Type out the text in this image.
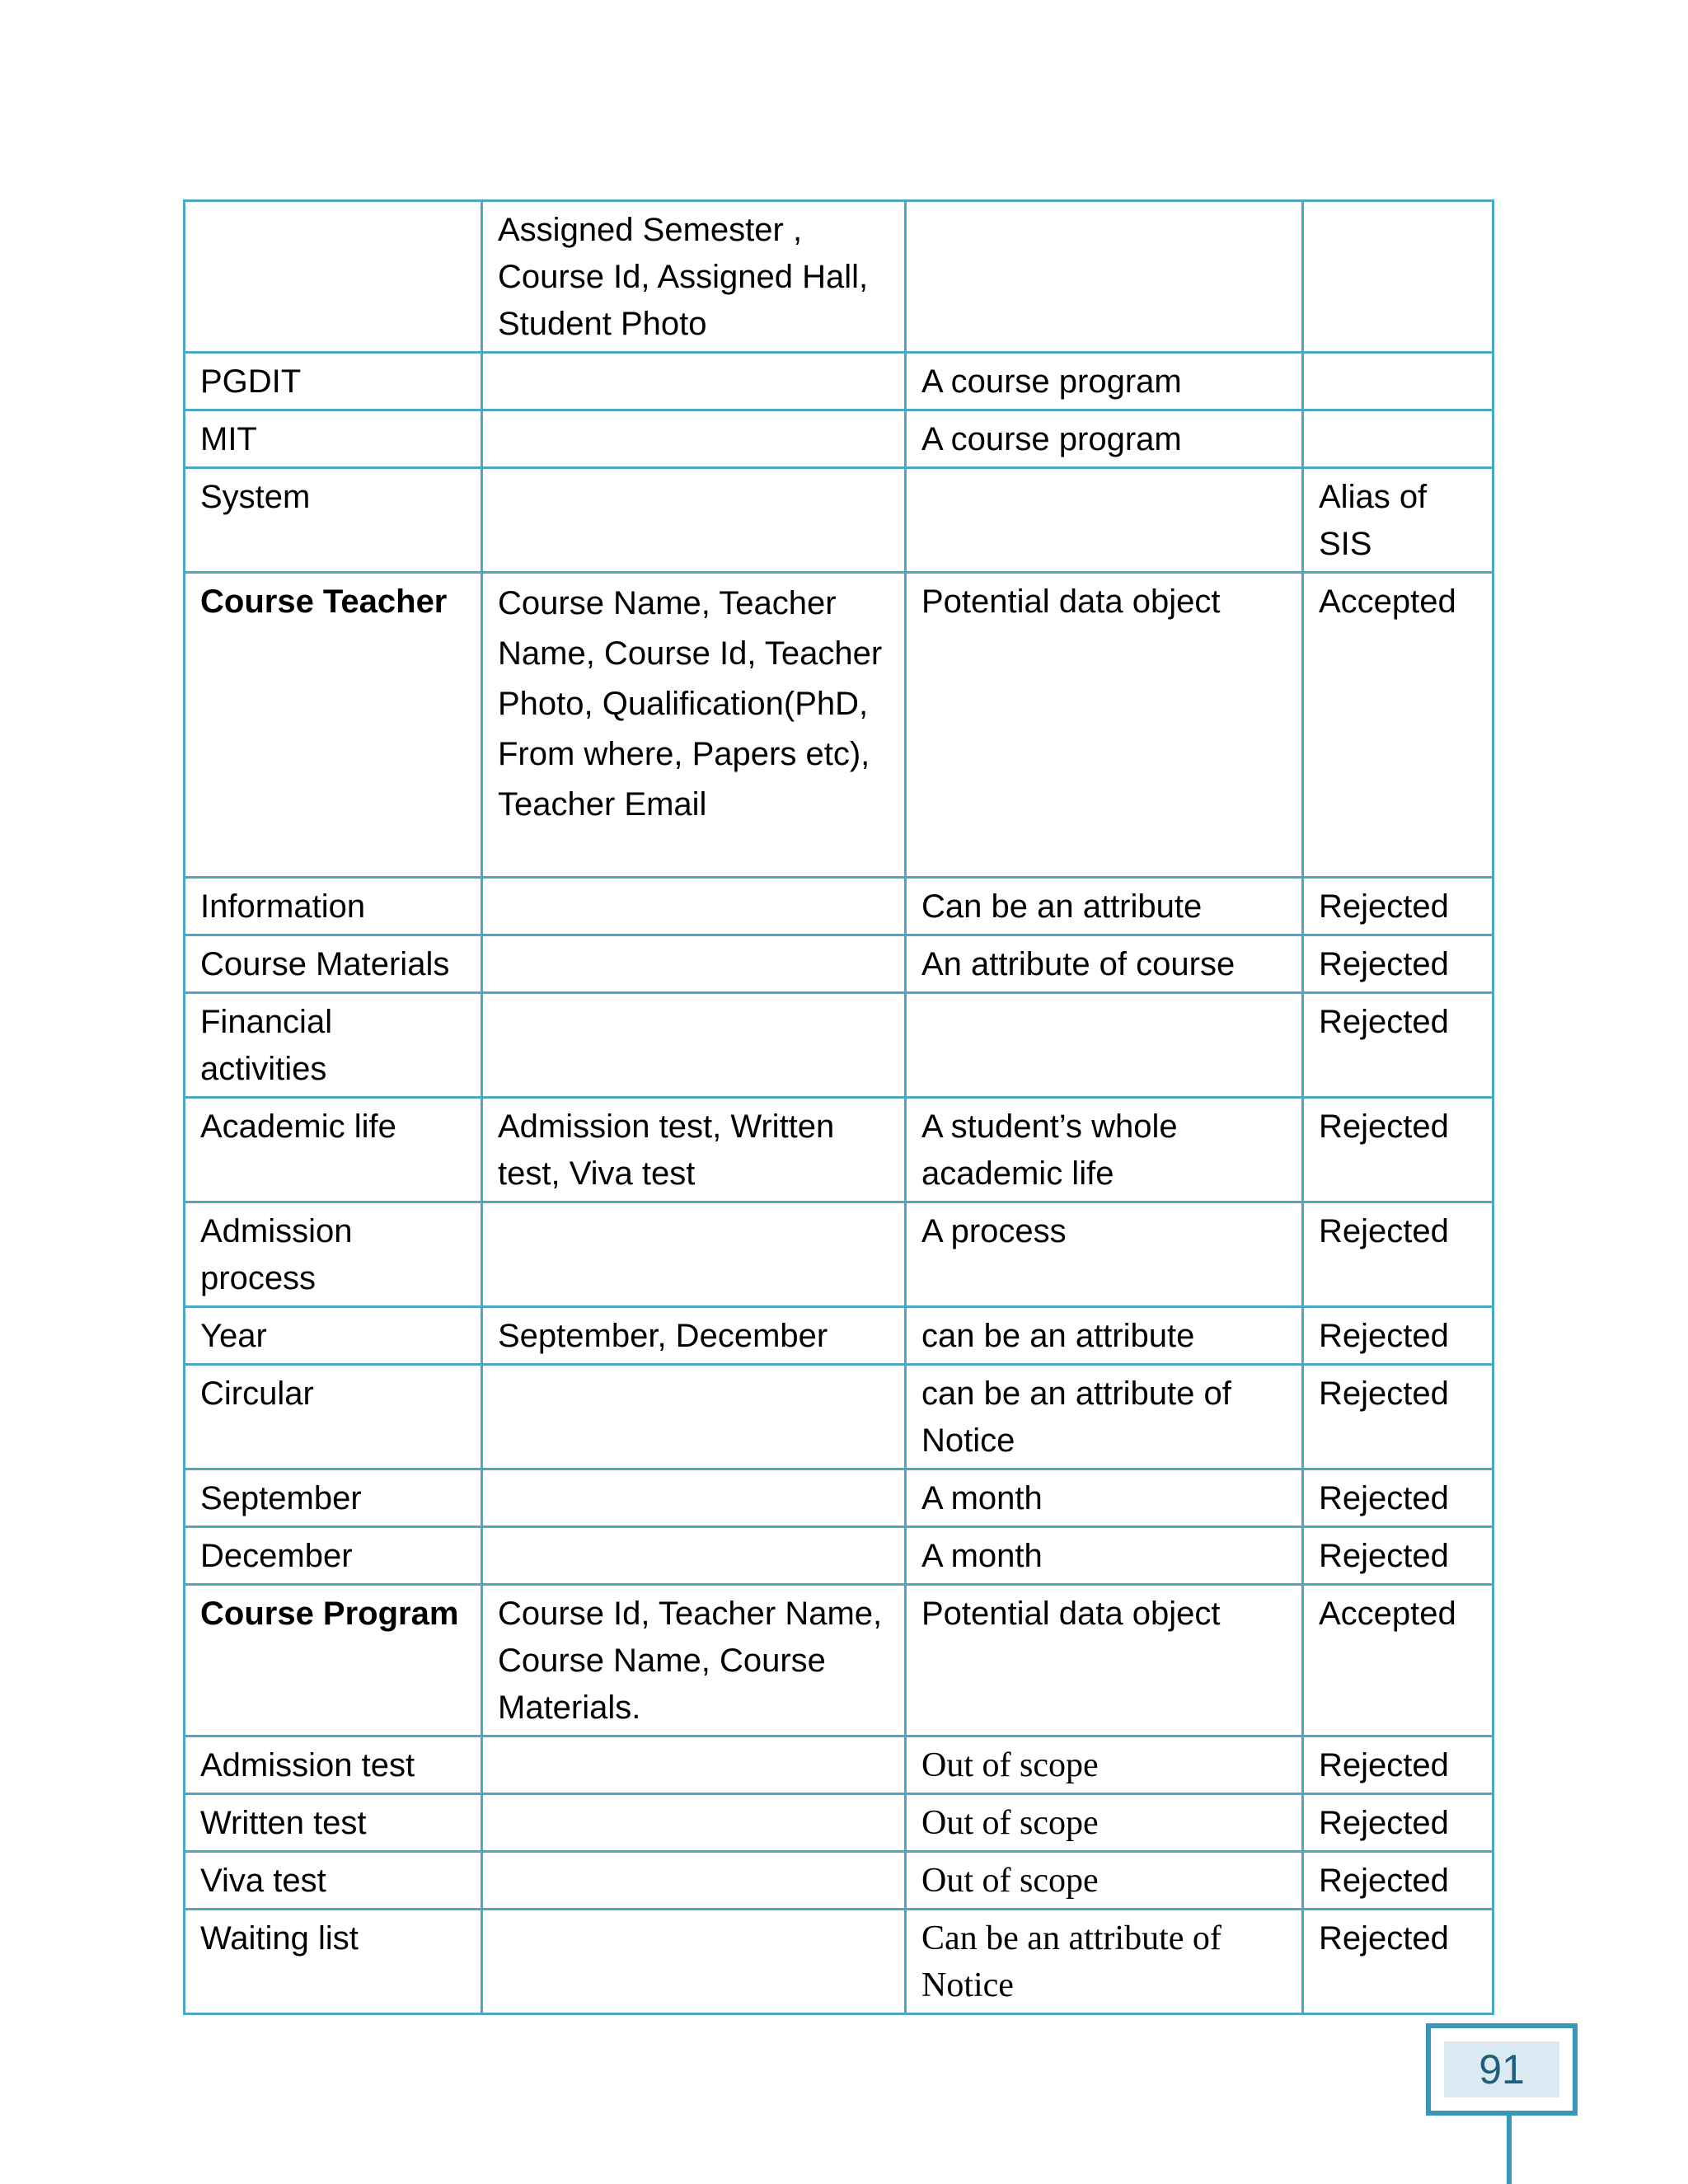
	Assigned Semester , Course Id, Assigned Hall, Student Photo		
PGDIT		A course program	
MIT		A course program	
System			Alias of SIS
Course Teacher	Course Name, Teacher Name, Course Id, Teacher Photo, Qualification(PhD, From where, Papers etc), Teacher Email	Potential data object	Accepted
Information		Can be an attribute	Rejected
Course Materials		An attribute of course	Rejected
Financial activities			Rejected
Academic life	Admission test, Written test, Viva test	A student’s whole academic life	Rejected
Admission process		A process	Rejected
Year	September, December	can be an attribute	Rejected
Circular		can be an attribute of Notice	Rejected
September		A month	Rejected
December		A month	Rejected
Course Program	Course Id, Teacher Name, Course Name, Course Materials.	Potential data object	Accepted
Admission test		Out of scope	Rejected
Written test		Out of scope	Rejected
Viva test		Out of scope	Rejected
Waiting list		Can be an attribute of Notice	Rejected
91
